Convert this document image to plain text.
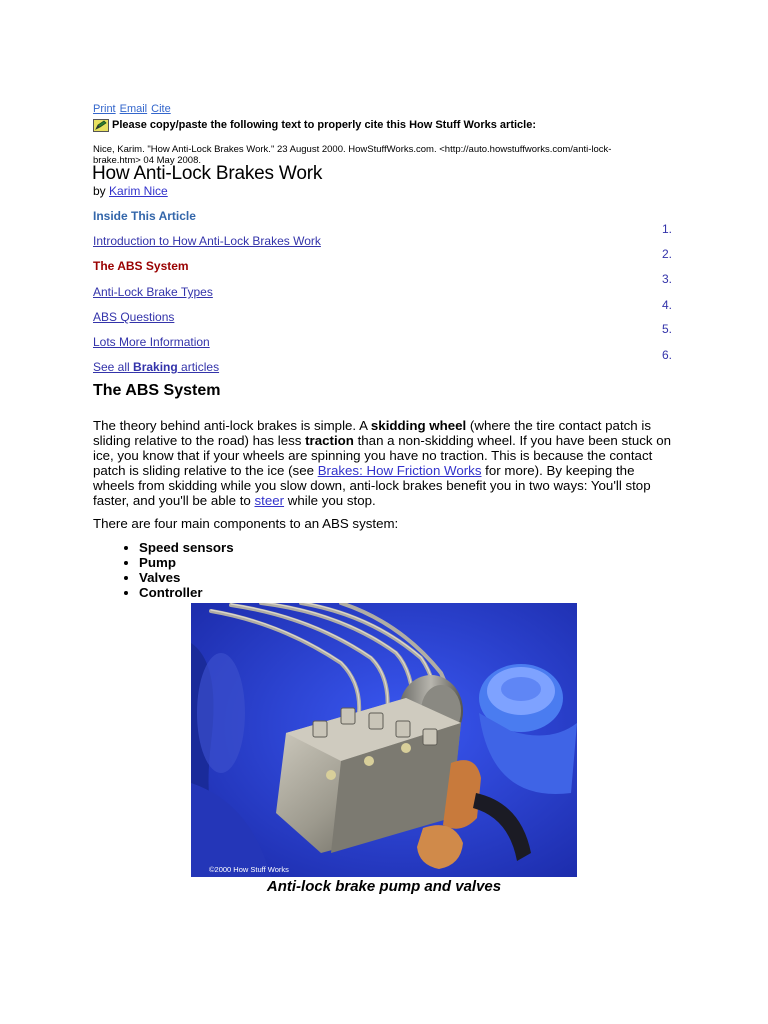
Print Email Cite
Please copy/paste the following text to properly cite this How Stuff Works article:
Nice, Karim. "How Anti-Lock Brakes Work." 23 August 2000. HowStuffWorks.com. <http://auto.howstuffworks.com/anti-lock-brake.htm> 04 May 2008.
How Anti-Lock Brakes Work
by Karim Nice
Inside This Article
Introduction to How Anti-Lock Brakes Work
The ABS System
Anti-Lock Brake Types
ABS Questions
Lots More Information
See all Braking articles
1.
2.
3.
4.
5.
6.
The ABS System

The theory behind anti-lock brakes is simple. A skidding wheel (where the tire contact patch is sliding relative to the road) has less traction than a non-skidding wheel. If you have been stuck on ice, you know that if your wheels are spinning you have no traction. This is because the contact patch is sliding relative to the ice (see Brakes: How Friction Works for more). By keeping the wheels from skidding while you slow down, anti-lock brakes benefit you in two ways: You'll stop faster, and you'll be able to steer while you stop.

There are four main components to an ABS system:

• Speed sensors
• Pump
• Valves
• Controller
©2000 How Stuff Works
Anti-lock brake pump and valves
